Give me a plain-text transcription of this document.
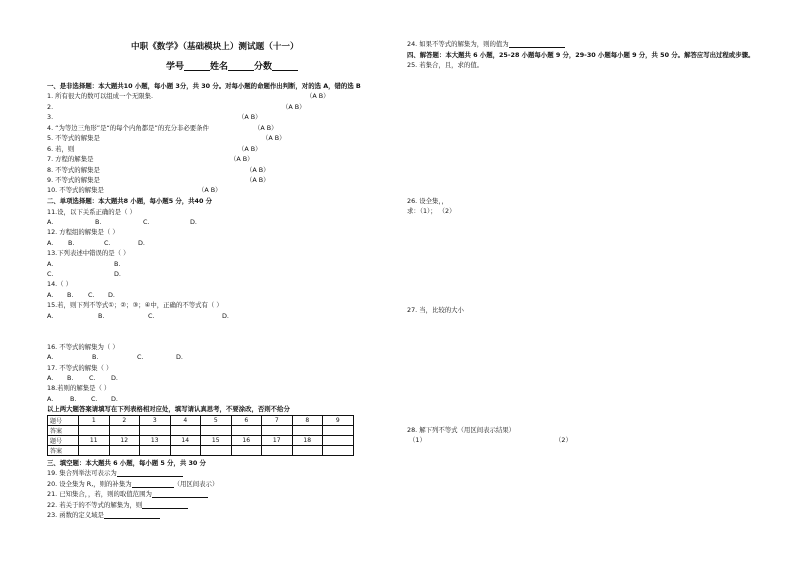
中职《数学》（基础模块上）测试题（十一）
学号	姓名	分数
一、是非选择题：本大题共10 小题，每小题 3分，共 30 分。对每小题的命题作出判断，对的选 A，错的选 B
1. 所有很大的数可以组成一个无限集.	（A B）
2.	（A B）
3.	（A B）
4. “为等边三角形”是“的每个内角都是”的充分非必要条件	（A B）
5. 不等式的解集是	（A B）
6. 若，则	（A B）
7. 方程的解集是	（A B）
8. 不等式的解集是	（A B）
9. 不等式的解集是	（A B）
10. 不等式的解集是	（A B）
二、单项选择题：本大题共8 小题，每小题5 分，共40 分
11.设，以下关系正确的是（ ）
A.	B.	C.	D.
12. 方程组的解集是（ ）
A. B.	C.	D.
13.下列表述中错误的是（ ）
A.	B.
C.	D.
14.（ ）
A. B. C. D.
15.若，则下列不等式①；②；③；④中，正确的不等式有（ ）
A.	B.	C.	D.
16. 不等式的解集为（ ）
A.	B.	C.	D.
17. 不等式的解集（ ）
A. B. C. D.
18.若则的解集是（ ）
A.	B. C. D.
以上两大题答案请填写在下列表格相对应处，填写请认真思考，不要涂改，否则不给分
题号	1	2	3	4	5	6	7	8	9
答案									
题号	11	12	13	14	15	16	17	18	
答案									
三、填空题：本大题共 6 小题，每小题 5 分，共 30 分
19. 集合列举法可表示为
20. 设全集为 R,，则的补集为	（用区间表示）
21. 已知集合，，若，则的取值范围为
22. 若关于的不等式的解集为，则
23. 函数的定义域是
24. 如果不等式的解集为，则的值为
四、解答题：本大题共 6 小题，25-28 小题每小题 9 分，29-30 小题每小题 9 分，共 50 分。解答应写出过程或步骤。
25. 若集合，且，求的值。
26. 设全集，，
求：（1）； （2）
27. 当，比较的大小
28. 解下列不等式（用区间表示结果）
（1）	（2）
